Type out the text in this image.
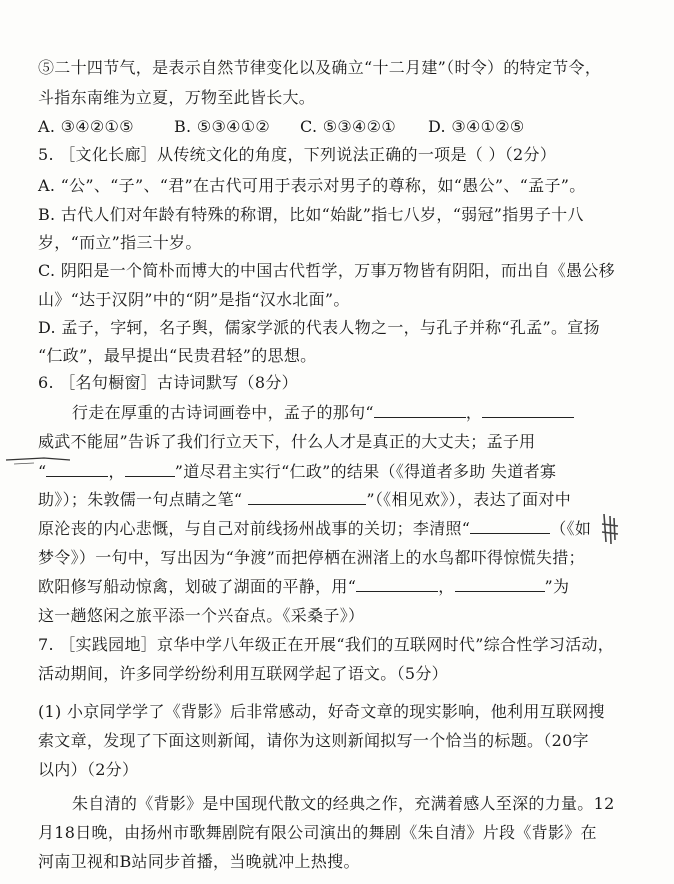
⑤二十四节气，是表示自然节律变化以及确立“十二月建”（时令）的特定节令，
斗指东南维为立夏，万物至此皆长大。
A. ③④②①⑤	B. ⑤③④①② C. ⑤③④②① D. ③④①②⑤
5. ［文化长廊］从传统文化的角度，下列说法正确的一项是（ ）（2分）
A. “公”、“子”、“君”在古代可用于表示对男子的尊称，如“愚公”、“孟子”。
B. 古代人们对年龄有特殊的称谓，比如“始龀”指七八岁，“弱冠”指男子十八
岁，“而立”指三十岁。
C. 阴阳是一个简朴而博大的中国古代哲学，万事万物皆有阴阳，而出自《愚公移
山》“达于汉阴”中的“阴”是指“汉水北面”。
D. 孟子，字轲，名子舆，儒家学派的代表人物之一，与孔子并称“孔孟”。宣扬
“仁政”，最早提出“民贵君轻”的思想。
6. ［名句橱窗］古诗词默写（8分）
行走在厚重的古诗词画卷中，孟子的那句“	，
威武不能屈”告诉了我们行立天下，什么人才是真正的大丈夫；孟子用
“	，	”道尽君主实行“仁政”的结果（《得道者多助 失道者寡
助》）；朱敦儒一句点睛之笔“	”（《相见欢》），表达了面对中
原沦丧的内心悲慨，与自己对前线扬州战事的关切；李清照“	（《如
梦令》）一句中，写出因为“争渡”而把停栖在洲渚上的水鸟都吓得惊慌失措；
欧阳修写船动惊禽，划破了湖面的平静，用“	，	”为
这一趟悠闲之旅平添一个兴奋点。《采桑子》）
7. ［实践园地］京华中学八年级正在开展“我们的互联网时代”综合性学习活动，
活动期间，许多同学纷纷利用互联网学起了语文。（5分）
(1) 小京同学学了《背影》后非常感动，好奇文章的现实影响，他利用互联网搜
索文章，发现了下面这则新闻，请你为这则新闻拟写一个恰当的标题。（20字
以内）（2分）
朱自清的《背影》是中国现代散文的经典之作，充满着感人至深的力量。12
月18日晚，由扬州市歌舞剧院有限公司演出的舞剧《朱自清》片段《背影》在
河南卫视和B站同步首播，当晚就冲上热搜。
